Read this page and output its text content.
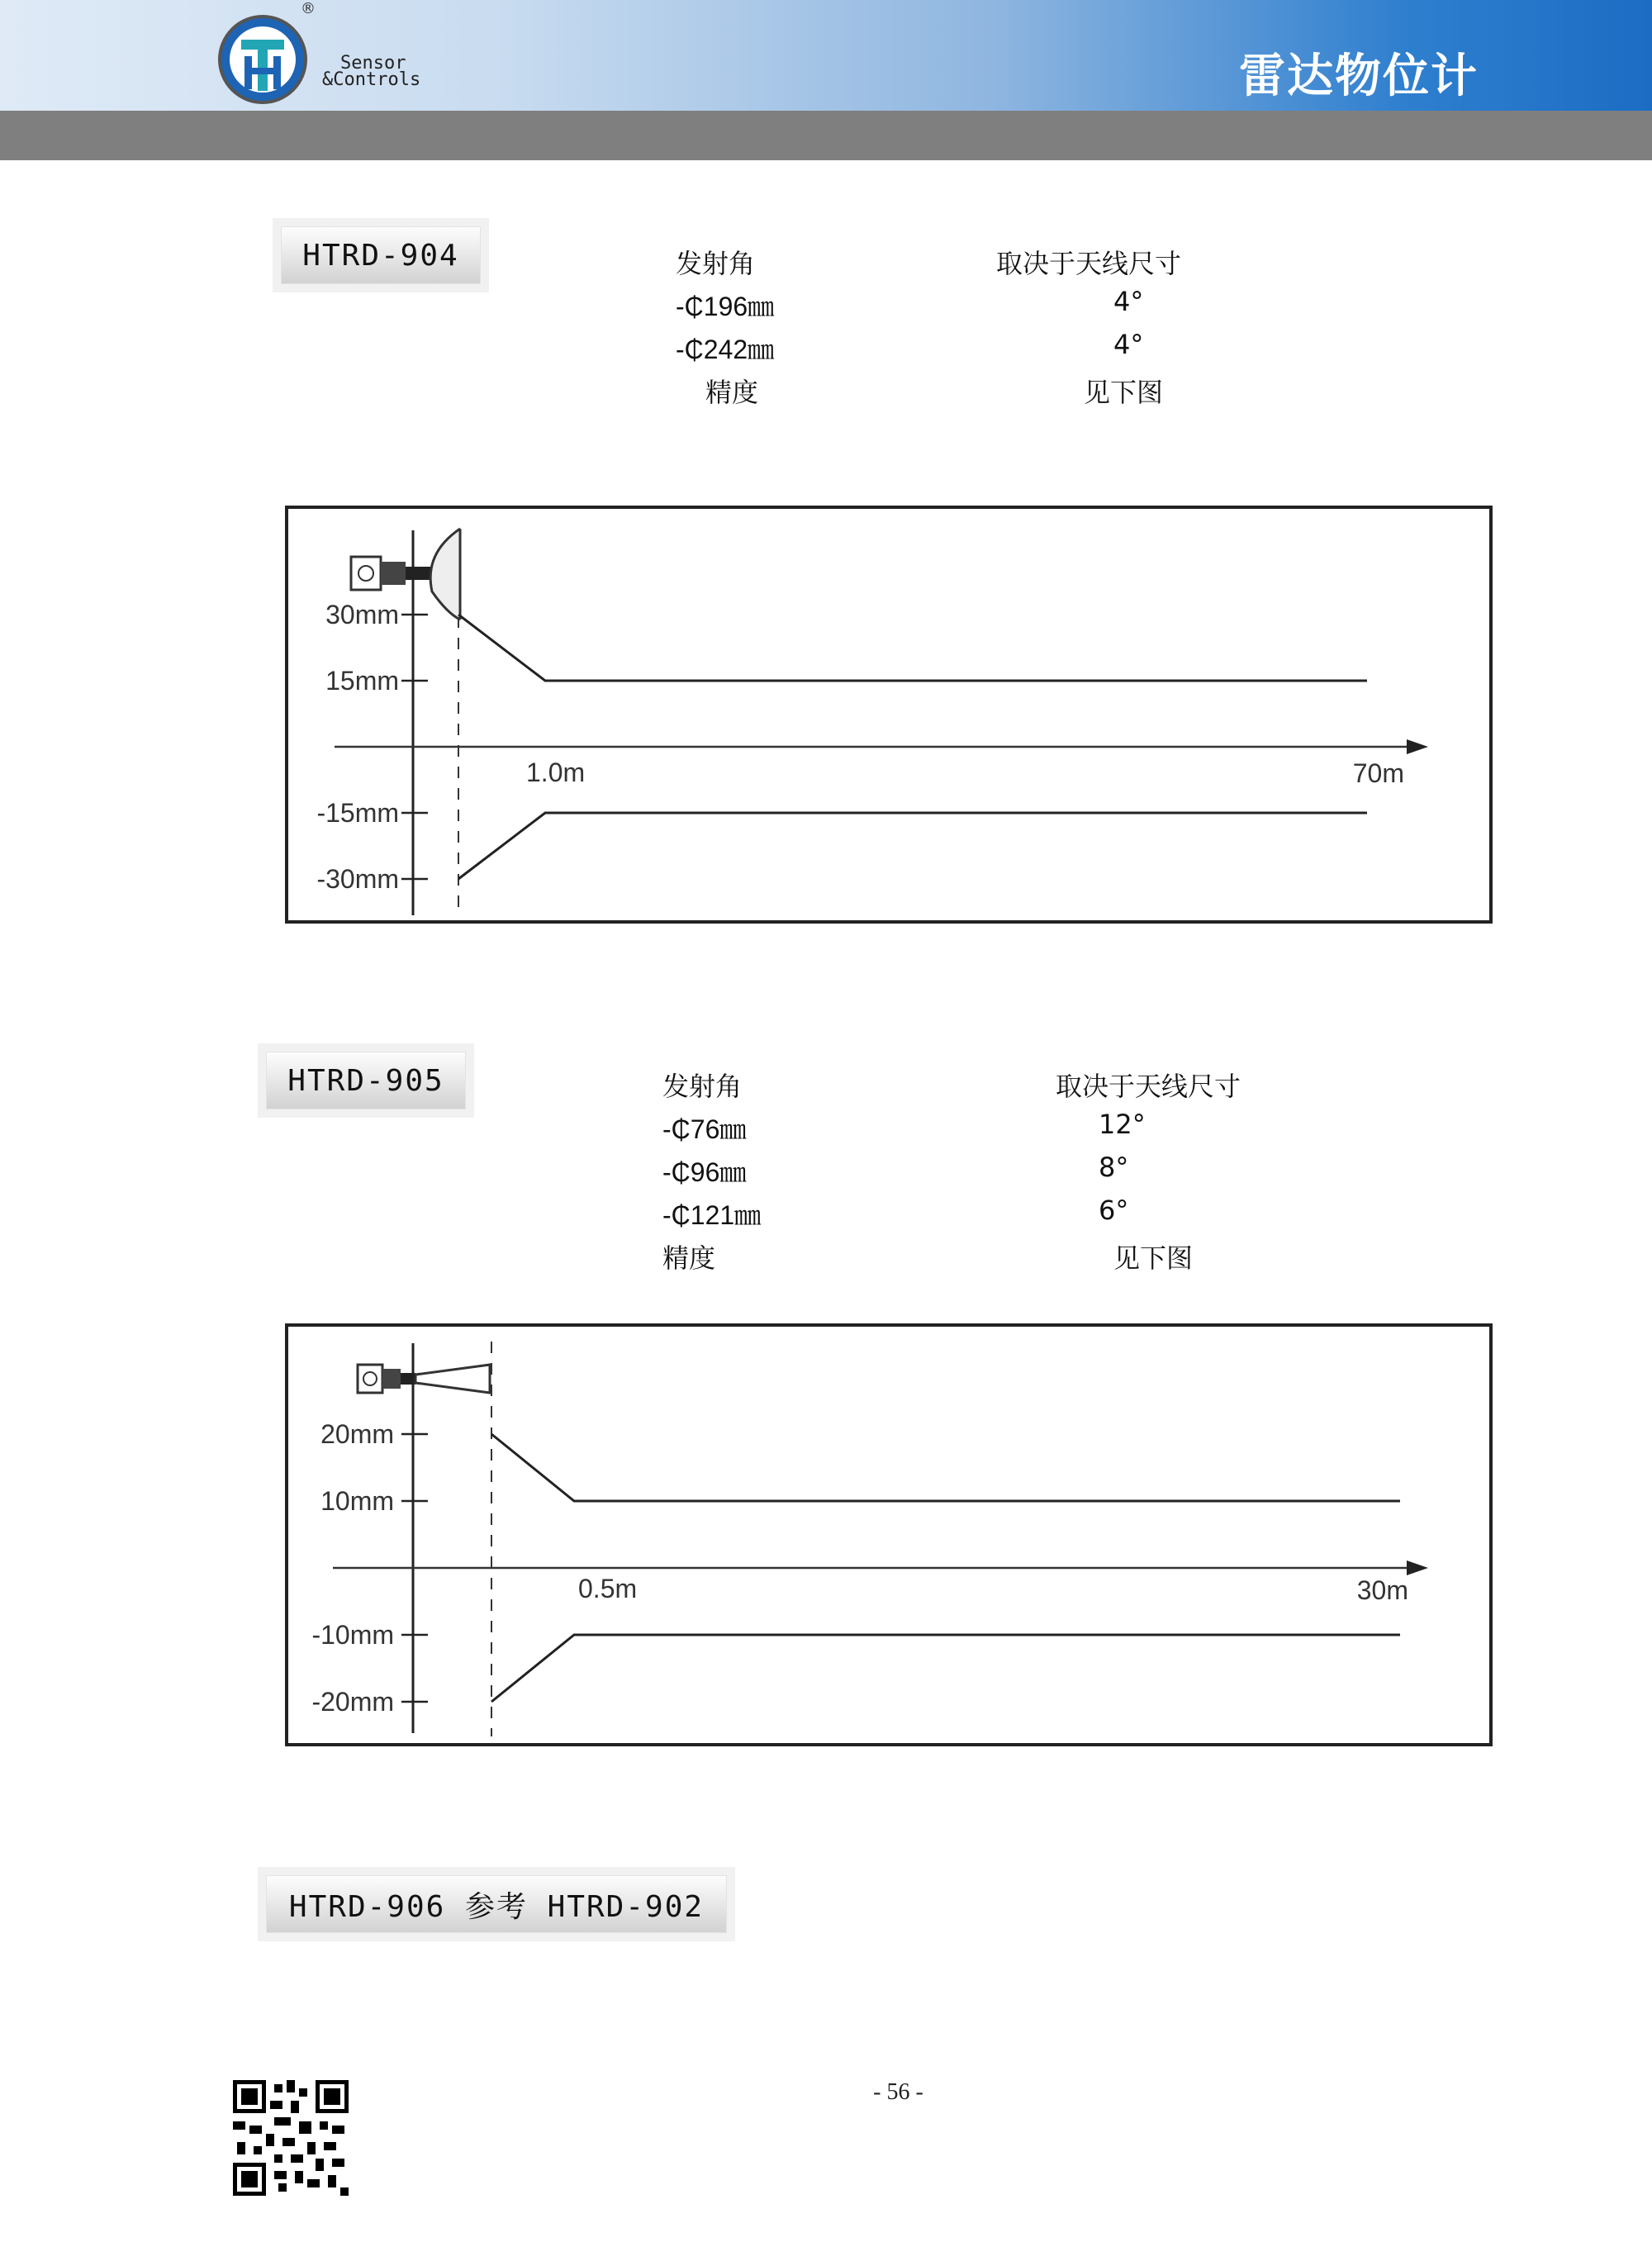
®
Sensor
&Controls	雷达物位计
HTRD-904	发射角	取决于天线尺寸
-₵196㎜	4°
-₵242㎜	4°
精度	见下图
30mm
15mm
-15mm
-30mm
1.0m	70m
HTRD-905	发射角	取决于天线尺寸
-₵76㎜	12°
-₵96㎜	8°
-₵121㎜	6°
精度	见下图
20mm
10mm
-10mm
-20mm
0.5m	30m
HTRD-906 参考 HTRD-902
- 56 -
